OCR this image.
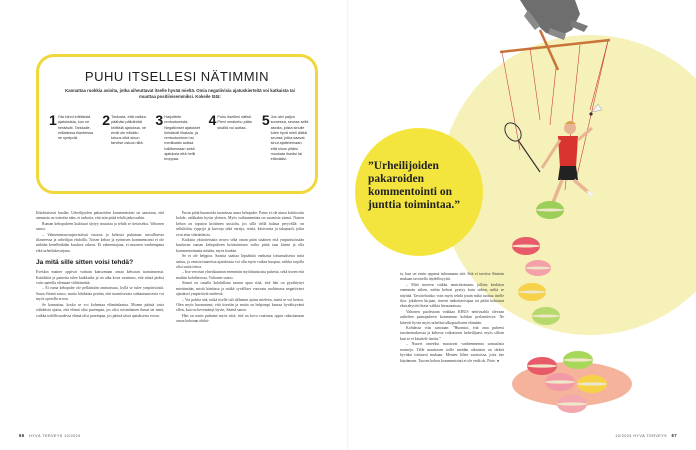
PUHU ITSELLESI NÄTIMMIN
Kannattaa ruokkia asioita, jotka aiheuttavat itselle hyvää mieltä. Omia negatiivisia ajatuskierteitä voi katkaista tai muuttaa positiivisemmiksi. Kokeile tätä:
1 Ota kiinni kriittisistä ajatuksista, kun ne heräävät. Tarkkaile, millaisissa tilanteissa ne syntyvät.
2 Tiedosta, että vaikka päähäsi pälkähtää kriittisiä ajatuksia, ne eivät ole mikään totuus eikä sinun tarvitse uskoa niitä.
3 Harjoittele rentoutumista. Negatiiviset ajatukset kiristävät lihaksia, ja rentoutuminen tai meditaatio auttaa hallitsemaan sekä ajatuksia että hellii kroppaa.
4 Puhu itsellesi nätisti. Pieni omakehu pään sisällä voi auttaa.	5 Jos olet paljon somessa, seuraa sellä asioita, joista sinulle tulee hyvä mieli äläkä seuraa, jotka saavat sinut ajattelemaan, että sinun pitäisi muokata itseäsi tai elämääsi.

Iiikohtaisesti huolän. Urheilijoiden pakaroiden kommentointi on sanotaan, että aiemmin on toimittu näin, ei tarkoita, että niin pitää tehdä jatkossakin.

Ruman kehopuheen kulttuuri täytyy muuttaa ja tehdä se tietoiseksi. Valtonen sanoo.

– Valmentmuuvurpiirtsäissä ruoasta ja kehosta puhutaan turvallisessa tilanteessa ja urheilijan ehdoilla. Toisen kehon ja syömisen kommentointi ei ole mikään kenelleäkään kuuluva oikeus. Ei valmentajana, ei muonen vanhempana eikä urheilukavarjana.

Ja mitä sille sitten voisi tehdä?

Eveskin mainer oppivat varhain kansomaan omaa kehoaan tuominnvasti. Kritiikkiä ja painetta tulee kaikkialta ja on aika kova vaatimus, että niistä pitäisi vain opetella olemaan välittämättä.

– Ei ruma kehopuhe ole pelkästään ominaisuus, kyllä se tulee ympäristöstä. Saara Särmä sanoo, mutta lohduttaa perään, että tuomitsevaia suhtautumisesta voi myös opetella eroon.

Se kannattaa, koska se voi kohentaa elämänlaatua. Monen päästä tosia siihdeistä ajatus, että elämä olisi parempaa, jos olisi toisenlainen ihmat tai nenä, vaikka todellisuudessa elämä olisi parempaa, jos päästä tässä ajatuksesta eroon.

Ensin pitää huomoida tuomitsaa ruma kehopuhe. Paino ei ole ainoa kriittisoitu kohde, vaikkakin hyvin yleinen. Myös vaihtuneminta on suomisia särmä. Naisen kehon on toputon kriittinen uusiolta, jos sillä tiellä halaua peryvällä: on selluliittia, ryppyjä ja karvoja sekä varsija, reisiä, käsivarsia ja takapuoli, jotka ovat aina vääränlaisia.

Kaikista yksiotteisatin neuvo sekä oman pään sisäinen että ympäristössään kuuluvan ruman kehopuheen kritisoimisen voiko pitää taas kiinni ja olla kommentoimatta mitään, myös itseään.

Se ei ole helppoa. Saastia saattaa löpsähtää vanhasta tottumuksesta mitä sattuu, ja omista tunneista ajatuksista voi olla myös vaikea huopua, vaikka tarjolla olisi uutta tietoa.

– Itse veroisin yhteiskunnan enemmän myötätuntoista puhetta, sekä itseen että muihin kohdistuvaa, Valtonen sanoo.

Särmä on omalla kohdallaan saanut apua siitä, että hän on pysähtynyt miettimään, mistä häntässa ja mitkä syvälliset vuorostu ruoltimasa negatiiviset ajatukset ympäröivät mielestä.

– Voi pohtia sitä, mikä itselle tuli tällainen ajatus mieleen, mistä se voi kertoa. Olen myös huomannut, että itsestän ja muita on helpompi kanssa hyväksyvänä ollen, kun on keventänyt hyvin, Särmä sanoo.

Hän on usein puhunut myös siitä, että on kova vaatimus oppia rakastamaan omaa kehoaan ehdot-

”Urheilijoiden pakaroiden kommentointi on junttia toimintaa.”

ta, kun on ensin oppinut inhoamaan sitä. Sitä ei tarvitse Särmän mukaan tavoitella täydellisyyttä.

– Mitä moreen vaikka neutraloimaan, jolloin keskityn enemmän siihen, mihin kehosi pystyy kuin siihen, miltä se näyttää. Tavoiteltaisko voin myös tehdä jotain mikä tuottaa itselle iloa: jokaheen kirjaan, itseeni tanhottavistpaa tai päätä kohtanut ekstrahyvää ihotta valikia hienontaisua.

Valtonen puolestaan vinkkaa KHUS nettivuahla olevaan arthelten painopuheen kommenno kohdan perlasettesva. Ne kätevät hyvin myös urheilun ulkopuoliseen elämään.

Kohdassa viisi sanotaan: ”Huomioi, että oma puheesi tarsitsemuksessa ja kehosta vaikuttavat lurheilijaasi, myös silloin kun se ei käsittele itseäsi.”

– Nuoret omeeksi muotovat vanhemmenna somaalista normeja. Tälle muuttosen toille meidän aikuisten on tärkeä hyväksi toimissti mukaan. Meuten löltee saostoissa, joita itse käytämme. Tuosen kehon kommentointi ei ole endä ok. Piste. ●

66 HYVÄ TERVEYS 10/2024	10/2024 HYVÄ TERVEYS 67
